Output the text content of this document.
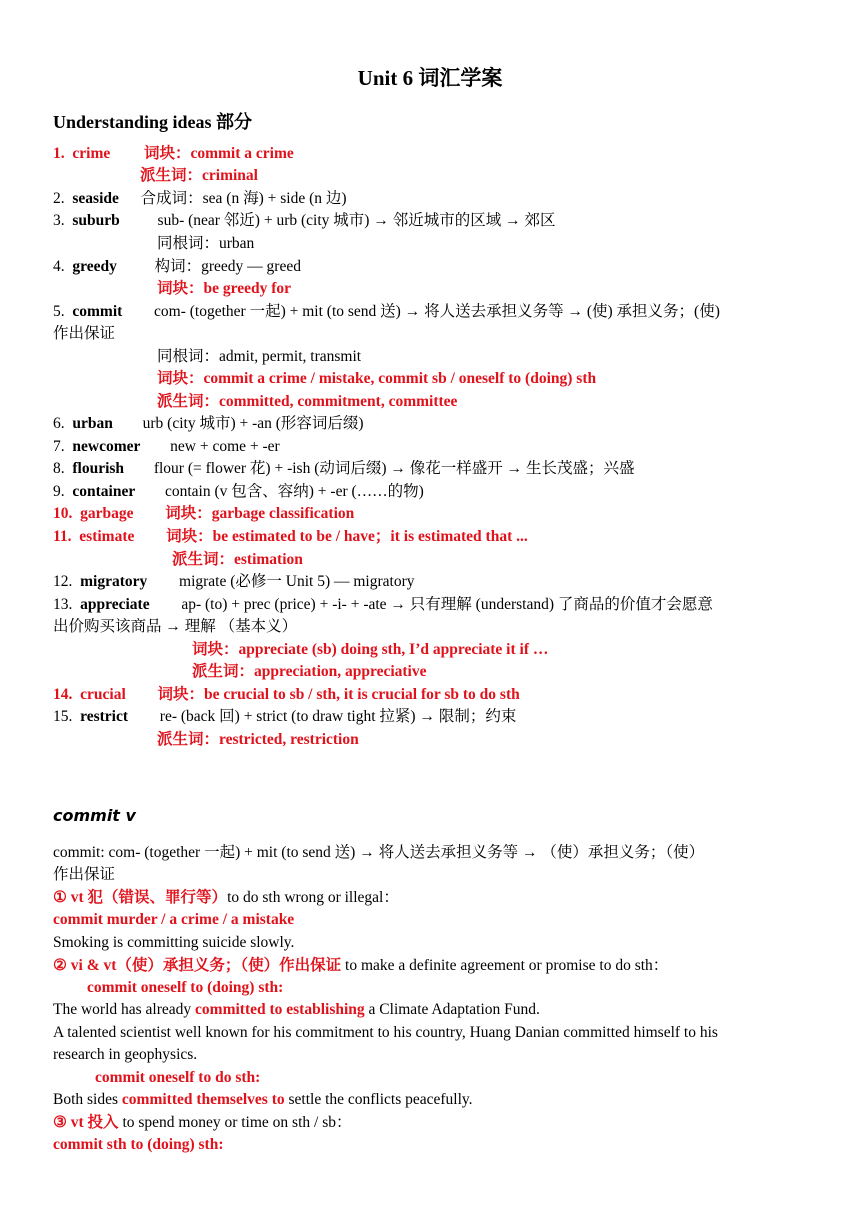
Unit 6 词汇学案
Understanding ideas 部分
1. crime 词块：commit a crime
派生词：criminal
2. seaside 合成词：sea (n 海) + side (n 边)
3. suburb sub- (near 邻近) + urb (city 城市) → 邻近城市的区域 → 郊区
同根词：urban
4. greedy 构词：greedy — greed
词块：be greedy for
5. commit com- (together 一起) + mit (to send 送) → 将人送去承担义务等 → (使) 承担义务；(使)
作出保证
同根词：admit, permit, transmit
词块：commit a crime / mistake, commit sb / oneself to (doing) sth
派生词：committed, commitment, committee
6. urban urb (city 城市) + -an (形容词后缀)
7. newcomer new + come + -er
8. flourish flour (= flower 花) + -ish (动词后缀) → 像花一样盛开 → 生长茂盛；兴盛
9. container contain (v 包含、容纳) + -er (……的物)
10. garbage 词块：garbage classification
11. estimate 词块：be estimated to be / have；it is estimated that ...
派生词：estimation
12. migratory migrate (必修一 Unit 5) — migratory
13. appreciate ap- (to) + prec (price) + -i- + -ate → 只有理解 (understand) 了商品的价值才会愿意
出价购买该商品 → 理解 （基本义）
词块：appreciate (sb) doing sth, I’d appreciate it if …
派生词：appreciation, appreciative
14. crucial 词块：be crucial to sb / sth, it is crucial for sb to do sth
15. restrict re- (back 回) + strict (to draw tight 拉紧) → 限制；约束
派生词：restricted, restriction
commit v
commit: com- (together 一起) + mit (to send 送) → 将人送去承担义务等 → （使）承担义务；（使）
作出保证
① vt 犯（错误、罪行等）to do sth wrong or illegal：
commit murder / a crime / a mistake
Smoking is committing suicide slowly.
② vi & vt（使）承担义务；（使）作出保证 to make a definite agreement or promise to do sth：
commit oneself to (doing) sth:
The world has already committed to establishing a Climate Adaptation Fund.
A talented scientist well known for his commitment to his country, Huang Danian committed himself to his
research in geophysics.
commit oneself to do sth:
Both sides committed themselves to settle the conflicts peacefully.
③ vt 投入 to spend money or time on sth / sb：
commit sth to (doing) sth:
